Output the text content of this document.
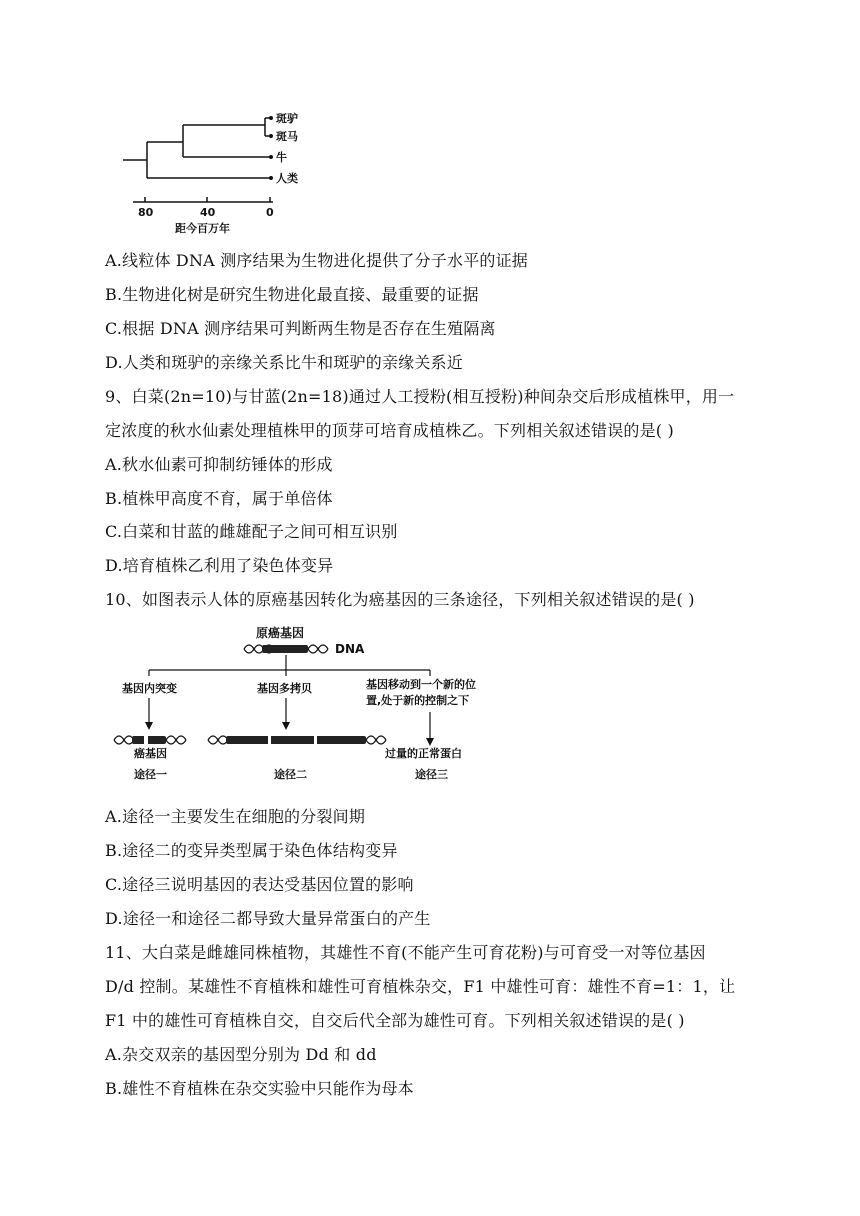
斑驴
斑马
牛
人类
80	40	0
距今百万年
A.线粒体 DNA 测序结果为生物进化提供了分子水平的证据
B.生物进化树是研究生物进化最直接、最重要的证据
C.根据 DNA 测序结果可判断两生物是否存在生殖隔离
D.人类和斑驴的亲缘关系比牛和斑驴的亲缘关系近
9、白菜(2n=10)与甘蓝(2n=18)通过人工授粉(相互授粉)种间杂交后形成植株甲，用一
定浓度的秋水仙素处理植株甲的顶芽可培育成植株乙。下列相关叙述错误的是( )
A.秋水仙素可抑制纺锤体的形成
B.植株甲高度不育，属于单倍体
C.白菜和甘蓝的雌雄配子之间可相互识别
D.培育植株乙利用了染色体变异
10、如图表示人体的原癌基因转化为癌基因的三条途径，下列相关叙述错误的是( )
原癌基因
DNA
基因内突变	基因多拷贝	基因移动到一个新的位
置,处于新的控制之下
癌基因	过量的正常蛋白
途径一	途径二	途径三
A.途径一主要发生在细胞的分裂间期
B.途径二的变异类型属于染色体结构变异
C.途径三说明基因的表达受基因位置的影响
D.途径一和途径二都导致大量异常蛋白的产生
11、大白菜是雌雄同株植物，其雄性不育(不能产生可育花粉)与可育受一对等位基因
D/d 控制。某雄性不育植株和雄性可育植株杂交，F1 中雄性可育：雄性不育=1：1，让
F1 中的雄性可育植株自交，自交后代全部为雄性可育。下列相关叙述错误的是( )
A.杂交双亲的基因型分别为 Dd 和 dd
B.雄性不育植株在杂交实验中只能作为母本
